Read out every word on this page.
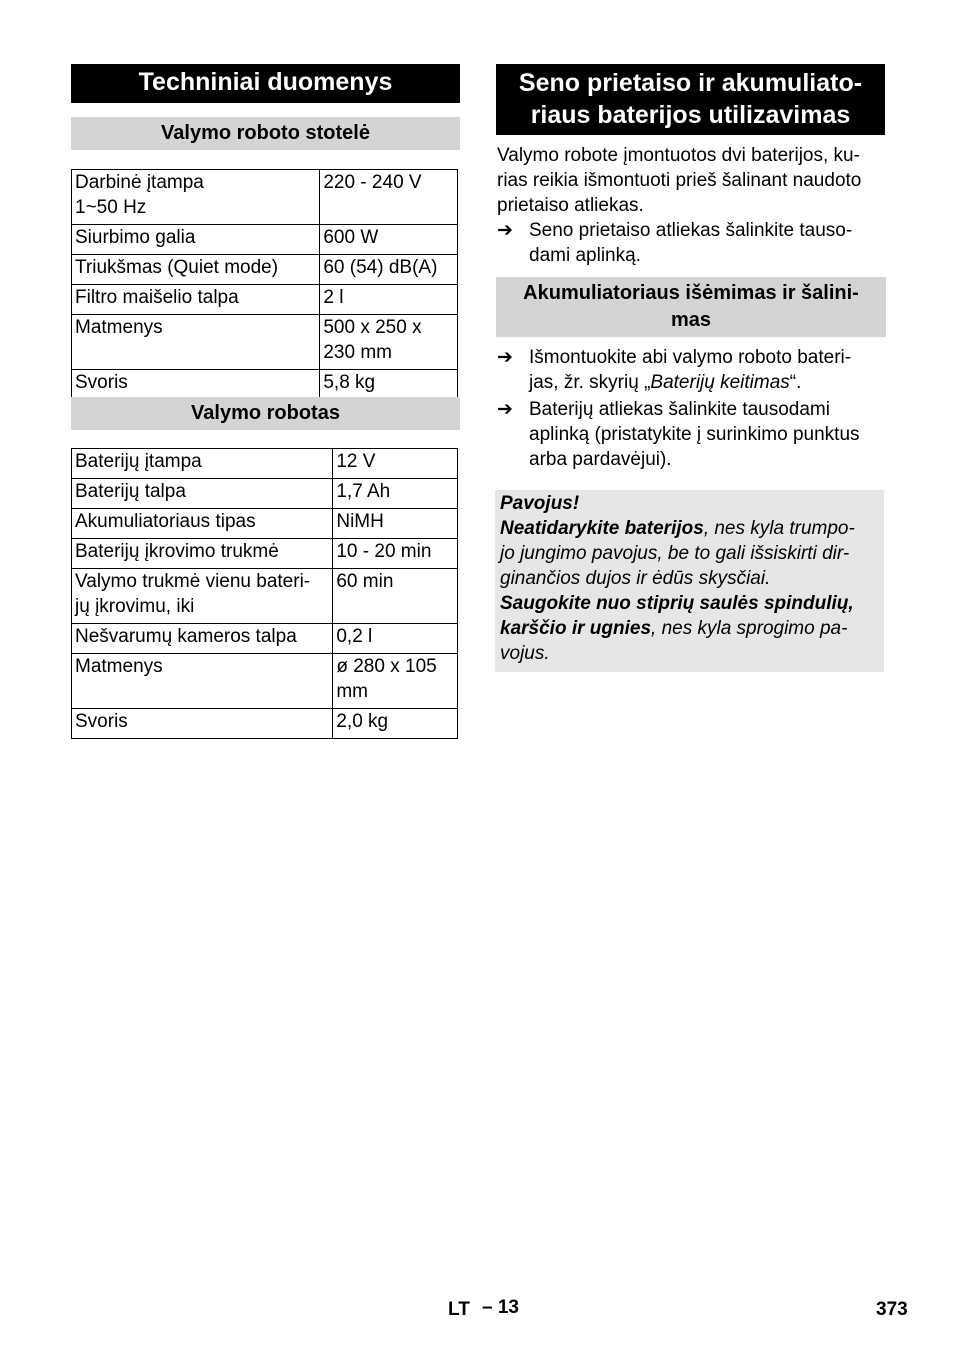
Techniniai duomenys
Valymo roboto stotelė
Darbinė įtampa
1~50 Hz	220 - 240 V
Siurbimo galia	600 W
Triukšmas (Quiet mode)	60 (54) dB(A)
Filtro maišelio talpa	2 l
Matmenys	500 x 250 x
230 mm
Svoris	5,8 kg
Valymo robotas
Baterijų įtampa	12 V
Baterijų talpa	1,7 Ah
Akumuliatoriaus tipas	NiMH
Baterijų įkrovimo trukmė	10 - 20 min
Valymo trukmė vienu bateri-
jų įkrovimu, iki	60 min
Nešvarumų kameros talpa	0,2 l
Matmenys	ø 280 x 105
mm
Svoris	2,0 kg
Seno prietaiso ir akumuliato-
riaus baterijos utilizavimas
Valymo robote įmontuotos dvi baterijos, ku-
rias reikia išmontuoti prieš šalinant naudoto
prietaiso atliekas.
➔ Seno prietaiso atliekas šalinkite tauso-
dami aplinką.
Akumuliatoriaus išėmimas ir šalini-
mas
➔ Išmontuokite abi valymo roboto bateri-
jas, žr. skyrių „Baterijų keitimas“.
➔ Baterijų atliekas šalinkite tausodami
aplinką (pristatykite į surinkimo punktus
arba pardavėjui).
Pavojus!
Neatidarykite baterijos, nes kyla trumpo-
jo jungimo pavojus, be to gali išsiskirti dir-
ginančios dujos ir ėdūs skysčiai.
Saugokite nuo stiprių saulės spindulių,
karščio ir ugnies, nes kyla sprogimo pa-
vojus.
LT – 13	373
